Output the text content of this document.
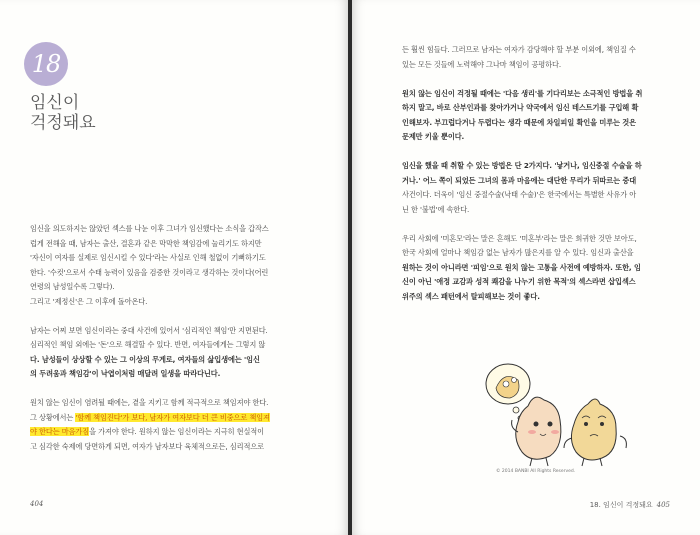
18
임신이
걱정돼요

임신을 의도하지는 않았던 섹스를 나눈 이후 그녀가 임신했다는 소식을 갑작스

럽게 전해올 때, 남자는 출산, 결혼과 같은 막막한 책임감에 눌리기도 하지만

'자신이 여자를 실제로 임신시킬 수 있다'라는 사실로 인해 철없이 기뻐하기도

한다. '수컷'으로서 수태 능력이 있음을 검증한 것이라고 생각하는 것이다(어린

연령의 남성일수록 그렇다).

그리고 '제정신'은 그 이후에 돌아온다.

남자는 어찌 보면 임신이라는 중대 사건에 있어서 '심리적인 책임'만 지면된다.

심리적인 책임 외에는 '돈'으로 해결할 수 있다. 반면, 여자들에게는 그렇지 않

다. 남성들이 상상할 수 있는 그 이상의 무게로, 여자들의 삶입생에는 '임신

의 두려움과 책임감'이 낙엽이처럼 매달려 일생을 따라다닌다.

원치 않는 임신이 염려될 때에는, 곁을 지키고 함께 적극적으로 책임져야 한다.

그 상황에서는 '함께 책임진다'가 보다, 남자가 여자보다 더 큰 비중으로 책임져

야 한다는 마음가짐을 가져야 한다. 원하지 않는 임신이라는 지극히 현실적이

고 심각한 숙제에 당면하게 되면, 여자가 남자보다 육체적으로든, 심리적으로

404

든 훨씬 힘들다. 그러므로 남자는 여자가 감당해야 할 부분 이외에, 책임질 수

있는 모든 것들에 노력해야 그나마 책임이 공평하다.

원치 않는 임신이 걱정될 때에는 '다음 생리'를 기다리보는 소극적인 방법을 취

하지 말고, 바로 산부인과를 찾아가거나 약국에서 임신 테스트기를 구입해 확

인해보자. 부끄럽다거나 두렵다는 생각 때문에 차일피일 확인을 미루는 것은

문제만 키울 뿐이다.

임신을 했을 때 취할 수 있는 방법은 단 2가지다. '낳거나, 임신중절 수술을 하

거나.' 어느 쪽이 되었든 그녀의 몸과 마음에는 대단한 무리가 뒤따르는 중대

사건이다. 더욱이 '임신 중절수술(낙태 수술)'은 한국에서는 특별한 사유가 아

닌 한 '불법'에 속한다.

우리 사회에 '미혼모'라는 말은 흔해도 '미혼부'라는 말은 희귀한 것만 보아도,

한국 사회에 얼마나 책임감 없는 남자가 많은지를 알 수 있다. 임신과 출산을

원하는 것이 아니라면 '피임'으로 원치 않는 고통을 사전에 예방하자. 또한, 임

신이 아닌 '애정 교감과 성적 쾌감을 나누기 위한 목적'의 섹스라면 삽입섹스

위주의 섹스 패턴에서 탈피해보는 것이 좋다.

© 2014 BANBI All Rights Reserved.
18. 임신이 걱정돼요 405
